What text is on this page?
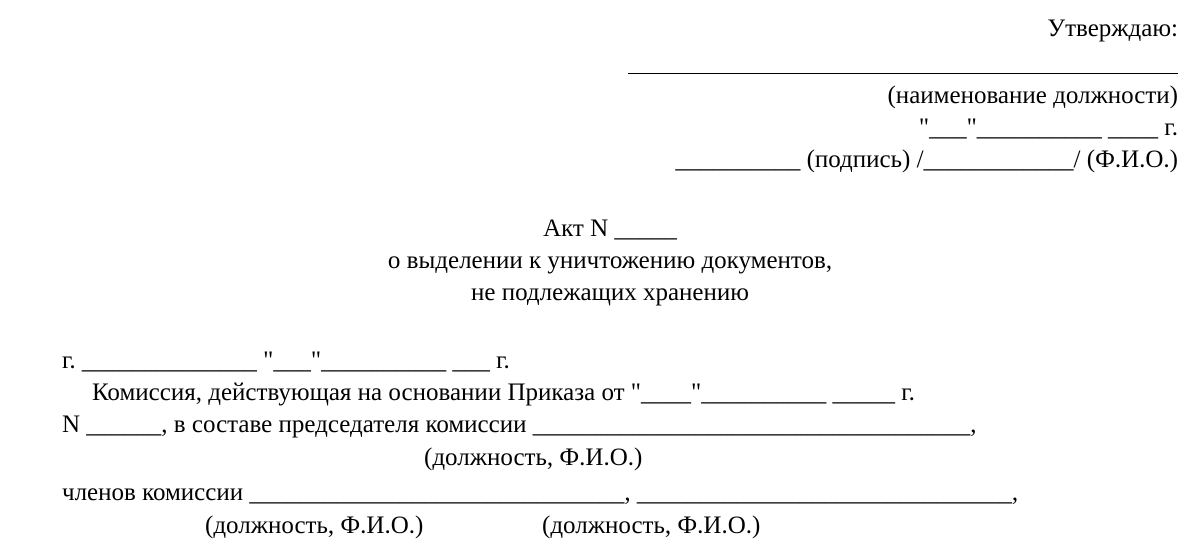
Утверждаю:
(наименование должности)
"___"__________ ____ г.
__________ (подпись) /____________/ (Ф.И.О.)
Акт N _____
о выделении к уничтожению документов,
не подлежащих хранению
г. ______________ "___"__________ ___ г.
Комиссия, действующая на основании Приказа от "____"__________ _____ г.
N ______, в составе председателя комиссии ___________________________________,
(должность, Ф.И.О.)
членов комиссии ______________________________, ______________________________,
(должность, Ф.И.О.)	(должность, Ф.И.О.)
